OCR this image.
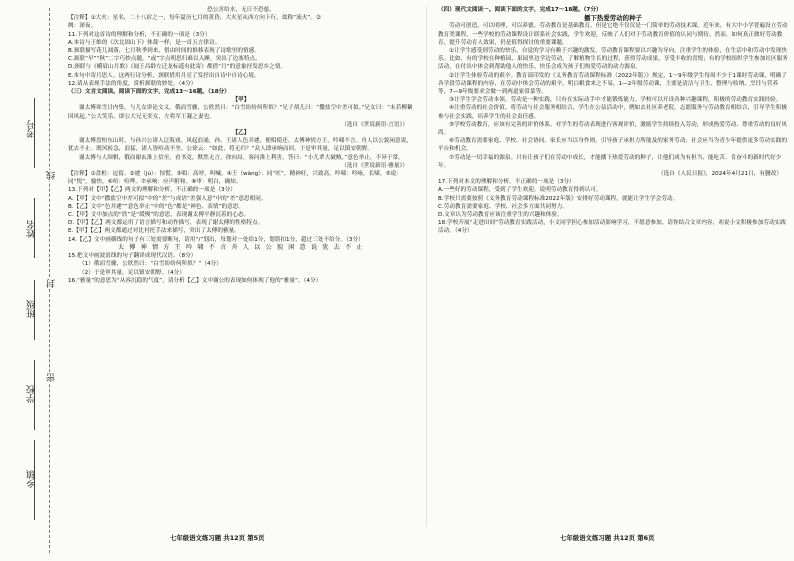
考号
姓名
班级
学校
乡镇
线
封
密

恐公害给水，无日不恐慈。

【注释】①大火：星名，二十八宿之一，每年夏历七月的黄昏，大火星从西方向下行，故称“流火”。②

阙：深夜。

11.下列对这首诗的理解和分析，不正确的一项是（3分）

A.本诗与王维的《次北固山下》体裁一样，是一首五言律诗。

B.颈联描写花儿凋落，七月秋季到来，借由时间的推移表现了诗歌里的情感。

C.颔联“早”“秋”二字巧妙点题，“或”字点明思归难以入睡，突出了边塞特点。

D.颈联与《峨眉山月歌》《闻王昌龄左迁龙标遥有此寄》都借“月”的意象抒发思乡之情。

E.本句中寄月思人。这两行诗分析，颈联借用月亮了发抒出自诗中自诗心境。

12.请从表现手法的角度，赏析颔联的妙处。（4分）

（三）文言文阅读。阅读下面的文字，完成13～16题。（18分）

【甲】

谢太傅寒雪日内集，与儿女讲论文义。俄而雪骤，公欣然曰：“白雪纷纷何所似？”兄子胡儿曰：“撒盐空中差可拟。”兄女曰：“未若柳絮因风起。”公大笑乐。即公大兄无奕女，左将军王凝之妻也。

（选自《世说新语·言语》）

【乙】

谢太傅盘桓东山时，与孙兴公诸人泛海戏。风起浪涌，孙、王诸人色并遽，便唱使还。太傅神情方王，吟啸不言。舟人以公貌闲意说，犹去不止。既风转急，浪猛，诸人皆喧动不坐。公徐云：“如此，将无归？”众人即承响而回。于是审其量，足以镇安朝野。

谢太傅与人围棋，俄而谢玄淮上信至，看书竟，默然无言，徐向局。客问淮上利害，答曰：“小儿辈大破贼。”意色举止，不异于常。

（选自《世说新语·雅量》）

【注释】①盘桓：逗留。②遽（jù）：惊慌。③唱：高呼，叫喊。④王（wàng）：同“旺”，精神旺，兴致高，吟啸：吟咏，长啸。⑤说：同“悦”，愉快。⑥喧：喧哗。⑦承响：应声附和。⑧审：明白，确知。

13.下列对【甲】【乙】两文的理解和分析，不正确的一项是（3分）

A.【甲】文中“撒盐空中差可拟”中的“差”与成语“差强人意”中的“差”意思相同。

B.【乙】文中“色并遽”“意色举止”中的“色”都是“神色、表情”的意思。

C.【甲】文中加点的“欣”是“缓慢”的意思，表现谢太傅平静沉着的心态。

D.【甲】【乙】两文都运用了语言描写和动作描写，表现了谢太傅的性格特点。

E.【甲】【乙】两文都通过对比衬托手法来描写，突出了太傅的雅量。

14.【乙】文中画横线的句子有三处需要断句，请用“/”划出，每划对一处给1分，划错扣1分，超过三处不给分。（3分）

太 傅 神 情 方 王 吟 啸 不 言 舟 人 以 公 貌 闲 意 说 犹 去 不 止

15.把文中画波浪线的句子翻译成现代汉语。（8分）

（1）俄而雪骤，公欣然曰：“白雪纷纷何所似？”（4分）

（2）于是审其量，足以镇安朝野。（4分）

16.“雅量”的意思为“从容沉稳的气度”，请分析【乙】文中谢公的表现如何体现了他的“雅量”。（4分）

（四）现代文阅读一。阅读下面的文字，完成17～18题。（7分）

播下热爱劳动的种子

劳动可创造，可以明理，可以养德。劳动教育是基础教育，但是它绝不仅仅是一门简单的劳动技术课。近年来，有大中小学普遍设立劳动教育类课程，一些学校的劳动课程设计联系社会实践，学生欢迎，反映了人们对于劳动教育价值的认同与期待。然而，如何真正做好劳动教育、提升劳动育人效果，仍是值得探讨的重要课题。

①让学生感受到劳动的快乐。自觉的学习有赖于兴趣的激发。劳动教育课程要以兴趣为导向，注重学生的体验，在生活中和劳动中发现快乐。比如，有的学校在种植园、果园里边学边劳动，了解植物生长的过程，获得劳动成果，享受丰收的喜悦；有的学校组织学生参加社区服务活动，在付出中体会到帮助他人的快乐。快乐会成为孩子们热爱劳动的动力源泉。

②让学生体验劳动的艰辛。教育部印发的《义务教育劳动课程标准（2022年版）》规定，1～9年级学生每周不少于1课时劳动课，明确了各学段劳动课程的内容，在劳动中体会劳动的艰辛，明白粮食来之不易，1—2年级劳动课，主要是清洁与卫生、整理与收纳、烹饪与营养等，7—9年级要求会做一到两道家常菜等。

③让学生学会劳动本领。劳动是一种实践，只有在实际动手中才能锻炼能力。学校可以开设各种兴趣课程，积极的劳动教育实践经验。

④注重劳动的社会价值。将劳动与社会服务相结合，学生在公益活动中，例如去社区养老院，志愿服务与劳动教育相结合，引导学生积极参与社会实践，培养学生的社会责任感。

⑤学校劳动教育，应该有完善的评价体系。对学生的劳动表现进行客观评价，激励学生持续投入劳动，形成热爱劳动、尊重劳动的良好风尚。

⑥劳动教育需要家庭、学校、社会协同。家长应当以身作则，引导孩子承担力所能及的家务劳动；社会应当为青少年提供更多劳动实践的平台和机会。

⑦劳动是一切幸福的源泉。只有让孩子们在劳动中成长，才能播下热爱劳动的种子，让他们成为有担当、能吃苦、肯奋斗的新时代好少年。

（选自《人民日报》，2024年4月21日，有删改）

17.下列对本文的理解和分析，不正确的一项是（3分）

A.一些好的劳动课程，受到了学生欢迎，说明劳动教育得到认可。

B.学校只需要按照《义务教育劳动课程标准2022年版》安排好劳动课程，就能让学生学会劳动。

C.劳动教育需要家庭、学校、社会多方面共同努力。

D.文章认为劳动教育应该注重学生的兴趣和体验。

18.学校开展“走进田间”劳动教育实践活动，小文同学担心参加活动影响学习，不愿意参加。请你结合文章内容，劝说小文积极参加劳动实践活动。（4分）

七年级语文练习题 共12页 第5页	七年级语文练习题 共12页 第6页
